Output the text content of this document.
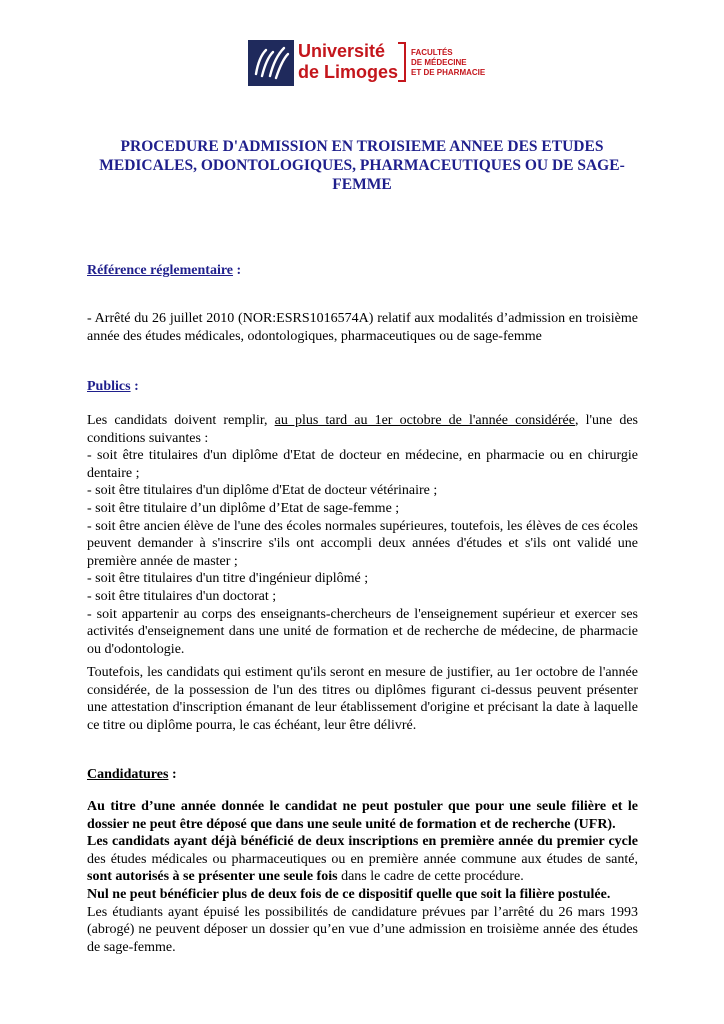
Université
de Limoges
FACULTÉS
DE MÉDECINE
ET DE PHARMACIE
PROCEDURE D'ADMISSION EN TROISIEME ANNEE DES ETUDES MEDICALES, ODONTOLOGIQUES, PHARMACEUTIQUES OU DE SAGE-FEMME
Référence réglementaire :
- Arrêté du 26 juillet 2010 (NOR:ESRS1016574A) relatif aux modalités d’admission en troisième année des études médicales, odontologiques, pharmaceutiques ou de sage-femme
Publics :
Les candidats doivent remplir, au plus tard au 1er octobre de l'année considérée, l'une des conditions suivantes :
- soit être titulaires d'un diplôme d'Etat de docteur en médecine, en pharmacie ou en chirurgie dentaire ;
- soit être titulaires d'un diplôme d'Etat de docteur vétérinaire ;
- soit être titulaire d’un diplôme d’Etat de sage-femme ;
- soit être ancien élève de l'une des écoles normales supérieures, toutefois, les élèves de ces écoles peuvent demander à s'inscrire s'ils ont accompli deux années d'études et s'ils ont validé une première année de master ;
- soit être titulaires d'un titre d'ingénieur diplômé ;
- soit être titulaires d'un doctorat ;
- soit appartenir au corps des enseignants-chercheurs de l'enseignement supérieur et exercer ses activités d'enseignement dans une unité de formation et de recherche de médecine, de pharmacie ou d'odontologie.
Toutefois, les candidats qui estiment qu'ils seront en mesure de justifier, au 1er octobre de l'année considérée, de la possession de l'un des titres ou diplômes figurant ci-dessus peuvent présenter une attestation d'inscription émanant de leur établissement d'origine et précisant la date à laquelle ce titre ou diplôme pourra, le cas échéant, leur être délivré.
Candidatures :
Au titre d’une année donnée le candidat ne peut postuler que pour une seule filière et le dossier ne peut être déposé que dans une seule unité de formation et de recherche (UFR).
Les candidats ayant déjà bénéficié de deux inscriptions en première année du premier cycle des études médicales ou pharmaceutiques ou en première année commune aux études de santé, sont autorisés à se présenter une seule fois dans le cadre de cette procédure.
Nul ne peut bénéficier plus de deux fois de ce dispositif quelle que soit la filière postulée.
Les étudiants ayant épuisé les possibilités de candidature prévues par l’arrêté du 26 mars 1993 (abrogé) ne peuvent déposer un dossier qu’en vue d’une admission en troisième année des études de sage-femme.
